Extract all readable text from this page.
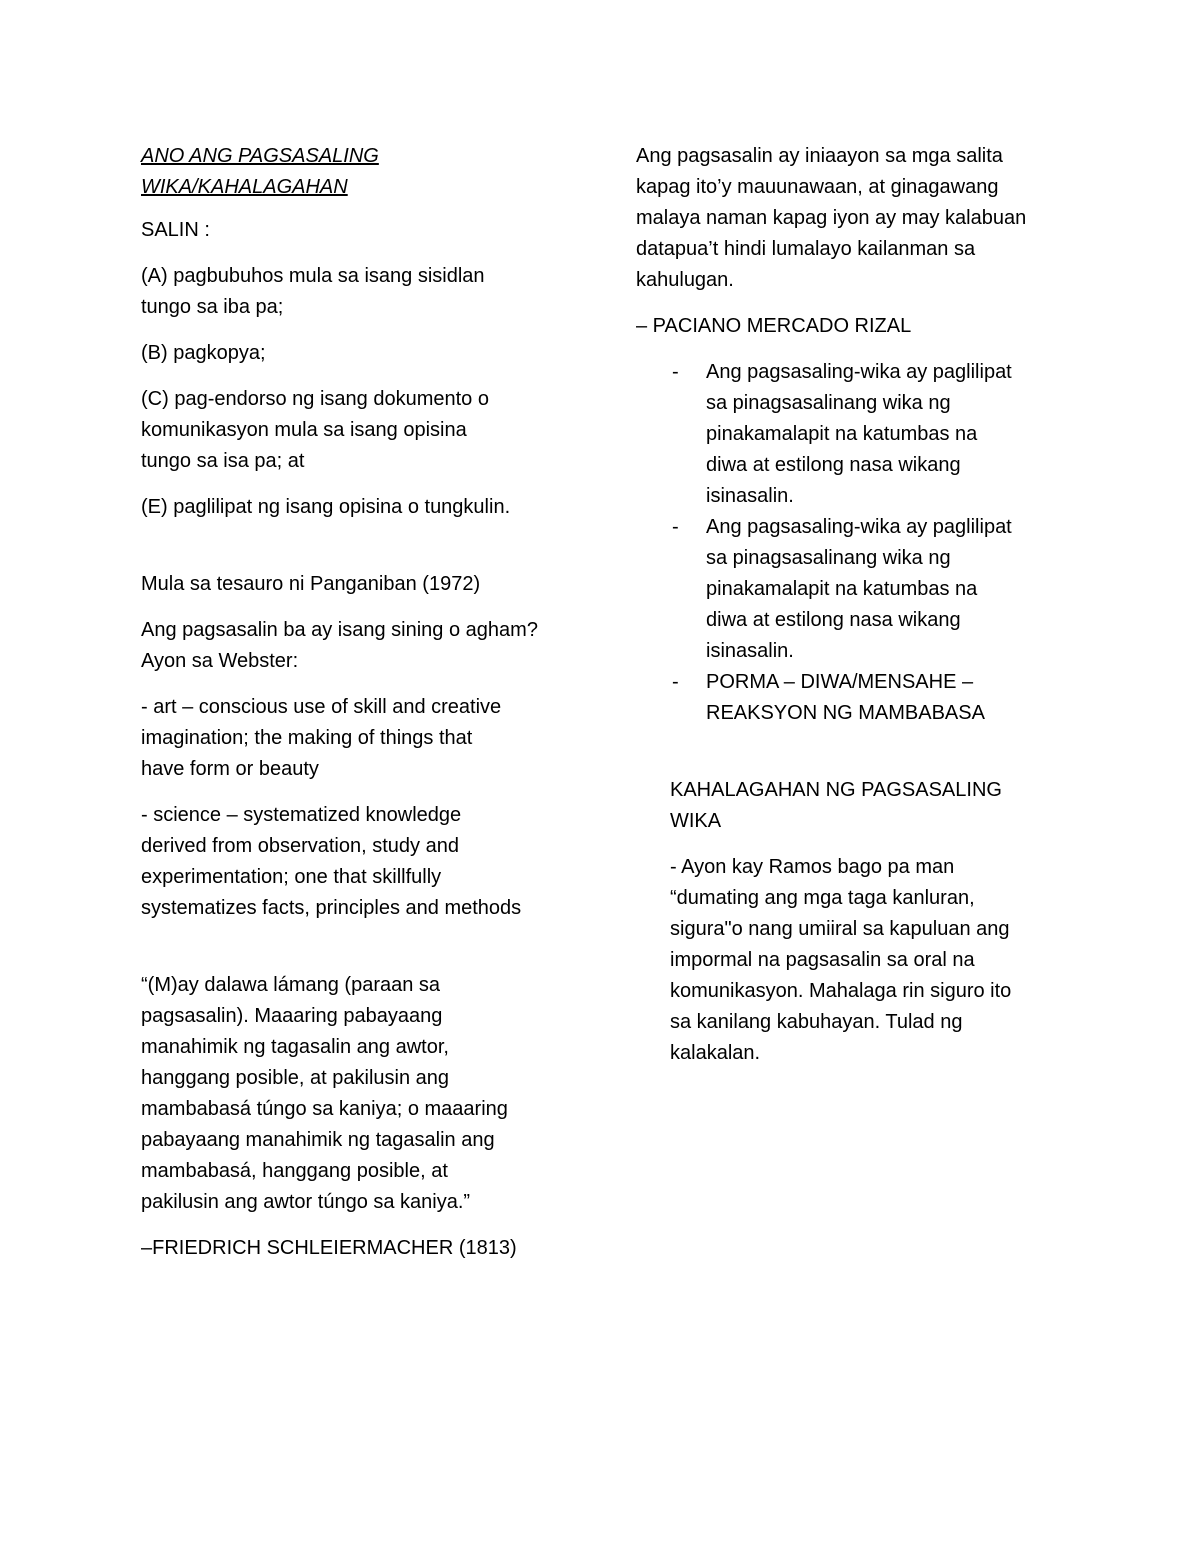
ANO ANG PAGSASALING
WIKA/KAHALAGAHAN

SALIN :

(A) pagbubuhos mula sa isang sisidlan
tungo sa iba pa;

(B) pagkopya;

(C) pag-endorso ng isang dokumento o
komunikasyon mula sa isang opisina
tungo sa isa pa; at

(E) paglilipat ng isang opisina o tungkulin.

Mula sa tesauro ni Panganiban (1972)

Ang pagsasalin ba ay isang sining o agham?
Ayon sa Webster:

- art – conscious use of skill and creative
imagination; the making of things that
have form or beauty

- science – systematized knowledge
derived from observation, study and
experimentation; one that skillfully
systematizes facts, principles and methods

“(M)ay dalawa lámang (paraan sa
pagsasalin). Maaaring pabayaang
manahimik ng tagasalin ang awtor,
hanggang posible, at pakilusin ang
mambabasá túngo sa kaniya; o maaaring
pabayaang manahimik ng tagasalin ang
mambabasá, hanggang posible, at
pakilusin ang awtor túngo sa kaniya.”

–FRIEDRICH SCHLEIERMACHER (1813)

Ang pagsasalin ay iniaayon sa mga salita
kapag ito’y mauunawaan, at ginagawang
malaya naman kapag iyon ay may kalabuan
datapua’t hindi lumalayo kailanman sa
kahulugan.

– PACIANO MERCADO RIZAL

- Ang pagsasaling-wika ay paglilipat
sa pinagsasalinang wika ng
pinakamalapit na katumbas na
diwa at estilong nasa wikang
isinasalin.
- Ang pagsasaling-wika ay paglilipat
sa pinagsasalinang wika ng
pinakamalapit na katumbas na
diwa at estilong nasa wikang
isinasalin.
- PORMA – DIWA/MENSAHE –
REAKSYON NG MAMBABASA

KAHALAGAHAN NG PAGSASALING
WIKA

- Ayon kay Ramos bago pa man
“dumating ang mga taga kanluran,
sigura"o nang umiiral sa kapuluan ang
impormal na pagsasalin sa oral na
komunikasyon. Mahalaga rin siguro ito
sa kanilang kabuhayan. Tulad ng
kalakalan.
